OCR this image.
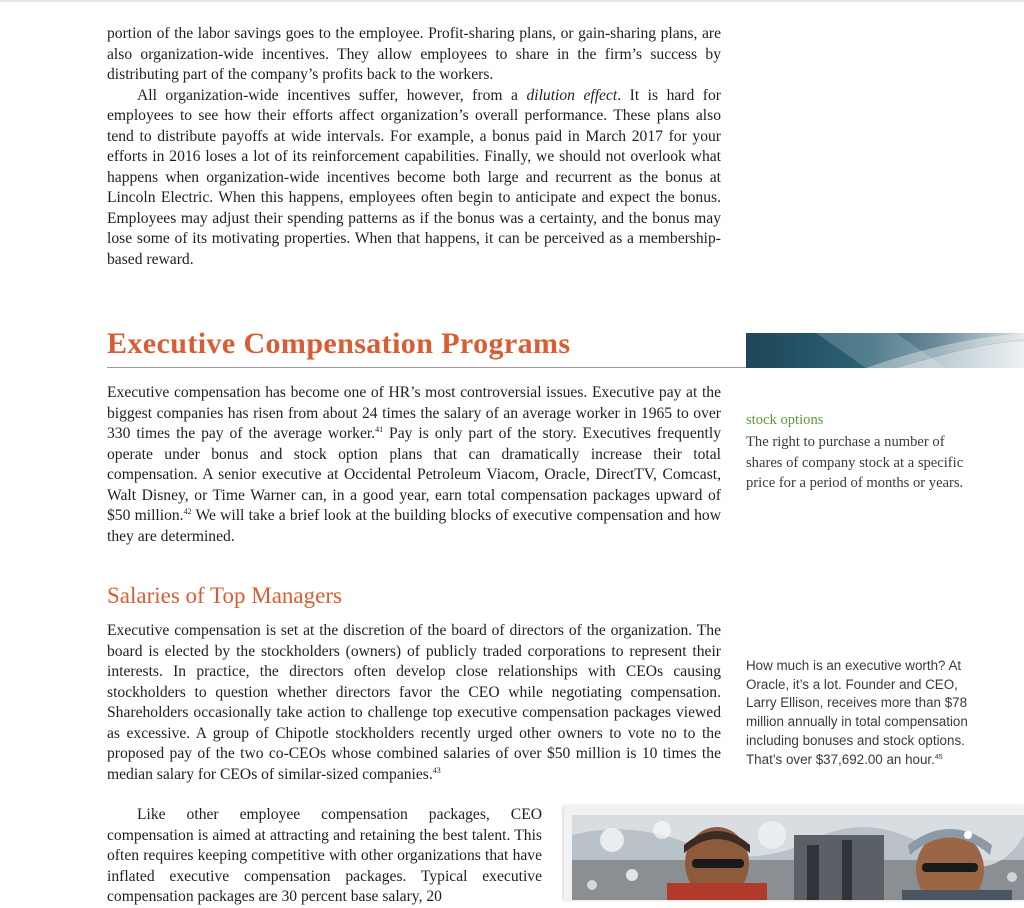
portion of the labor savings goes to the employee. Profit-sharing plans, or gain-sharing plans, are also organization-wide incentives. They allow employees to share in the firm’s success by distributing part of the company’s profits back to the workers.

All organization-wide incentives suffer, however, from a dilution effect. It is hard for employees to see how their efforts affect organization’s overall performance. These plans also tend to distribute payoffs at wide intervals. For example, a bonus paid in March 2017 for your efforts in 2016 loses a lot of its reinforcement capabilities. Finally, we should not overlook what happens when organization-wide incentives become both large and recurrent as the bonus at Lincoln Electric. When this happens, employees often begin to anticipate and expect the bonus. Employees may adjust their spending patterns as if the bonus was a certainty, and the bonus may lose some of its motivating properties. When that happens, it can be perceived as a membership-based reward.

Executive Compensation Programs

Executive compensation has become one of HR’s most controversial issues. Executive pay at the biggest companies has risen from about 24 times the salary of an average worker in 1965 to over 330 times the pay of the average worker.$^{41}$ Pay is only part of the story. Executives frequently operate under bonus and stock option plans that can dramatically increase their total compensation. A senior executive at Occidental Petroleum Viacom, Oracle, DirectTV, Comcast, Walt Disney, or Time Warner can, in a good year, earn total compensation packages upward of $50 million.$^{42}$ We will take a brief look at the building blocks of executive compensation and how they are determined.

stock options

The right to purchase a number of shares of company stock at a specific price for a period of months or years.

Salaries of Top Managers

Executive compensation is set at the discretion of the board of directors of the organization. The board is elected by the stockholders (owners) of publicly traded corporations to represent their interests. In practice, the directors often develop close relationships with CEOs causing stockholders to question whether directors favor the CEO while negotiating compensation. Shareholders occasionally take action to challenge top executive compensation packages viewed as excessive. A group of Chipotle stockholders recently urged other owners to vote no to the proposed pay of the two co-CEOs whose combined salaries of over $50 million is 10 times the median salary for CEOs of similar-sized companies.$^{43}$

Like other employee compensation packages, CEO compensation is aimed at attracting and retaining the best talent. This often requires keeping competitive with other organizations that have inflated executive compensation packages. Typical executive compensation packages are 30 percent base salary, 20

How much is an executive worth? At Oracle, it’s a lot. Founder and CEO, Larry Ellison, receives more than $78 million annually in total compensation including bonuses and stock options. That’s over $37,692.00 an hour.$^{45}$
